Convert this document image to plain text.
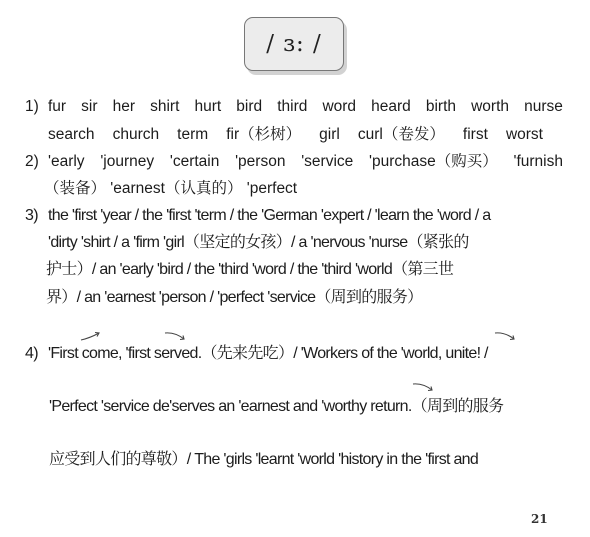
/ ɜ: /
1) fur sir her shirt hurt bird third word heard birth worth nurse
search church term fir（杉树） girl curl（卷发） first worst
2) 'early 'journey 'certain 'person 'service 'purchase（购买） 'furnish
（装备） 'earnest（认真的） 'perfect
3) the 'first 'year / the 'first 'term / the 'German 'expert / 'learn the 'word / a
'dirty 'shirt / a 'firm 'girl（坚定的女孩）/ a 'nervous 'nurse（紧张的
护士）/ an 'early 'bird / the 'third 'word / the 'third 'world（第三世
界）/ an 'earnest 'person / 'perfect 'service（周到的服务）
4) 'First come, 'first served.（先来先吃）/ 'Workers of the 'world, unite! /
'Perfect 'service de'serves an 'earnest and 'worthy return.（周到的服务
应受到人们的尊敬）/ The 'girls 'learnt 'world 'history in the 'first and
21
